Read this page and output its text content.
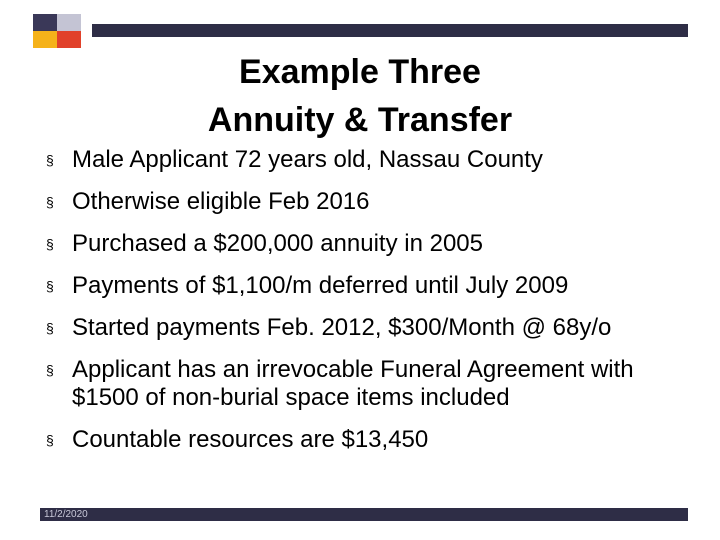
Example Three
Annuity & Transfer
§ Male Applicant 72 years old, Nassau County
§ Otherwise eligible Feb 2016
§ Purchased a $200,000 annuity in 2005
§ Payments of $1,100/m deferred until July 2009
§ Started payments Feb. 2012, $300/Month @ 68y/o
§ Applicant has an irrevocable Funeral Agreement with $1500 of non-burial space items included
§ Countable resources are $13,450
11/2/2020
